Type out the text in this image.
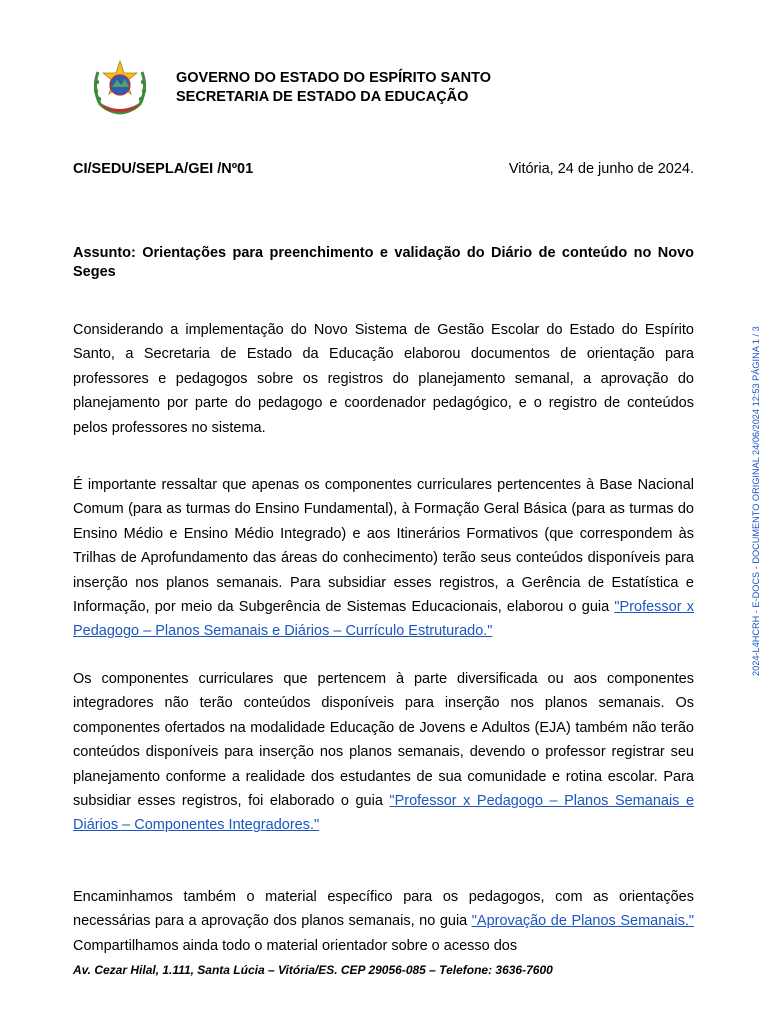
GOVERNO DO ESTADO DO ESPÍRITO SANTO
SECRETARIA DE ESTADO DA EDUCAÇÃO
CI/SEDU/SEPLA/GEI /Nº01	Vitória, 24 de junho de 2024.
Assunto: Orientações para preenchimento e validação do Diário de conteúdo no Novo Seges

Considerando a implementação do Novo Sistema de Gestão Escolar do Estado do Espírito Santo, a Secretaria de Estado da Educação elaborou documentos de orientação para professores e pedagogos sobre os registros do planejamento semanal, a aprovação do planejamento por parte do pedagogo e coordenador pedagógico, e o registro de conteúdos pelos professores no sistema.

É importante ressaltar que apenas os componentes curriculares pertencentes à Base Nacional Comum (para as turmas do Ensino Fundamental), à Formação Geral Básica (para as turmas do Ensino Médio e Ensino Médio Integrado) e aos Itinerários Formativos (que correspondem às Trilhas de Aprofundamento das áreas do conhecimento) terão seus conteúdos disponíveis para inserção nos planos semanais. Para subsidiar esses registros, a Gerência de Estatística e Informação, por meio da Subgerência de Sistemas Educacionais, elaborou o guia "Professor x Pedagogo – Planos Semanais e Diários – Currículo Estruturado."

Os componentes curriculares que pertencem à parte diversificada ou aos componentes integradores não terão conteúdos disponíveis para inserção nos planos semanais. Os componentes ofertados na modalidade Educação de Jovens e Adultos (EJA) também não terão conteúdos disponíveis para inserção nos planos semanais, devendo o professor registrar seu planejamento conforme a realidade dos estudantes de sua comunidade e rotina escolar. Para subsidiar esses registros, foi elaborado o guia "Professor x Pedagogo – Planos Semanais e Diários – Componentes Integradores."

Encaminhamos também o material específico para os pedagogos, com as orientações necessárias para a aprovação dos planos semanais, no guia "Aprovação de Planos Semanais." Compartilhamos ainda todo o material orientador sobre o acesso dos

Av. Cezar Hilal, 1.111, Santa Lúcia – Vitória/ES. CEP 29056-085 – Telefone: 3636-7600
2024-L4HCRH - E-DOCS - DOCUMENTO ORIGINAL 24/06/2024 12:53 PÁGINA 1 / 3
